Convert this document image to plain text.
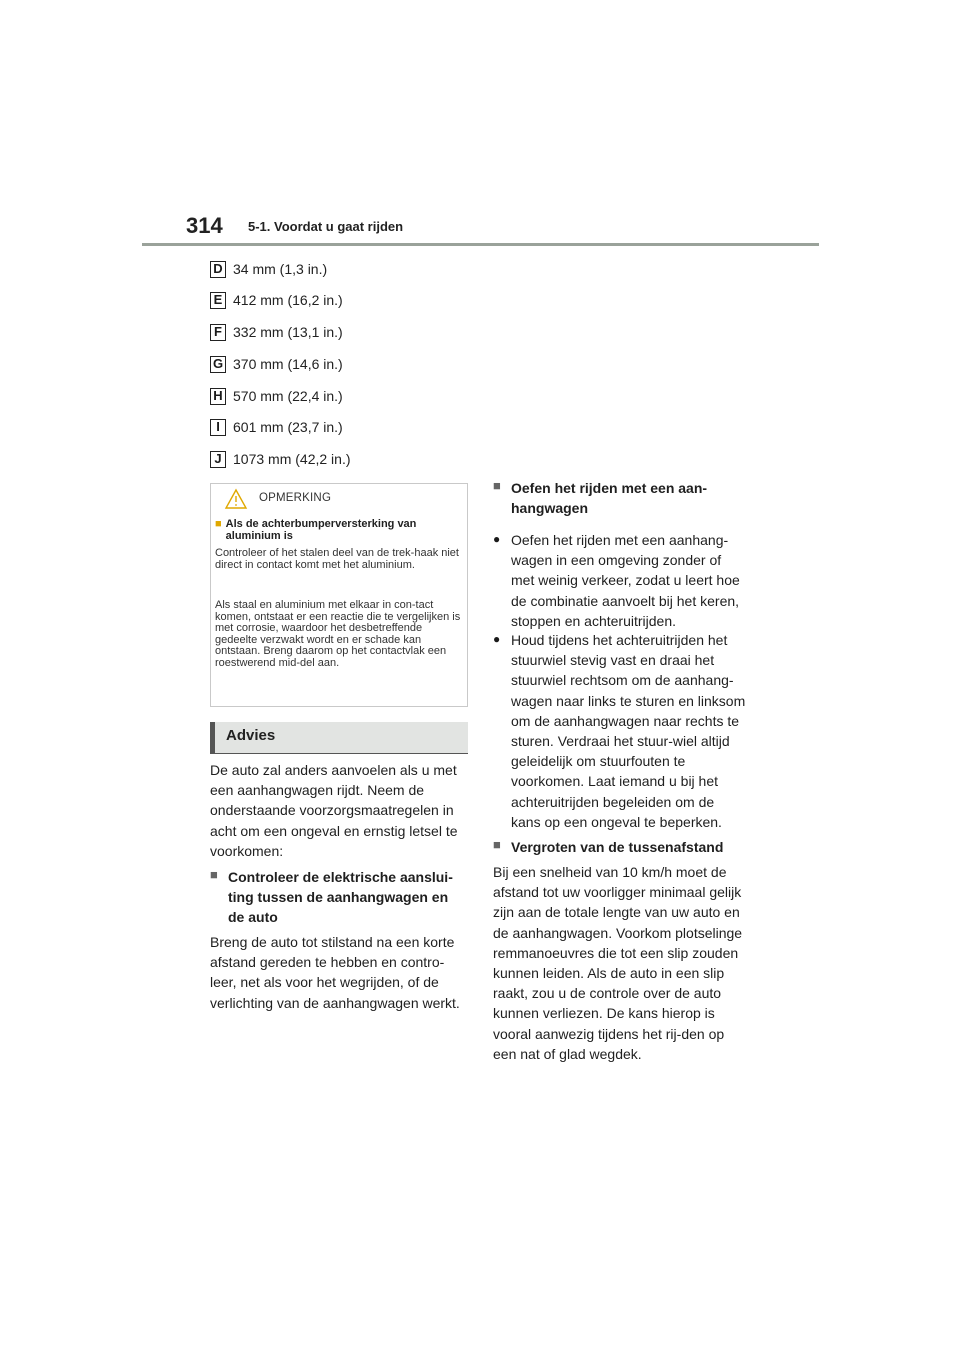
314 5-1. Voordat u gaat rijden
D 34 mm (1,3 in.)
E 412 mm (16,2 in.)
F 332 mm (13,1 in.)
G 370 mm (14,6 in.)
H 570 mm (22,4 in.)
I 601 mm (23,7 in.)
J 1073 mm (42,2 in.)
OPMERKING
■ Als de achterbumperversterking van aluminium is
Controleer of het stalen deel van de trek-haak niet direct in contact komt met het aluminium.
Als staal en aluminium met elkaar in con-tact komen, ontstaat er een reactie die te vergelijken is met corrosie, waardoor het desbetreffende gedeelte verzwakt wordt en er schade kan ontstaan. Breng daarom op het contactvlak een roestwerend mid-del aan.
Advies
De auto zal anders aanvoelen als u met een aanhangwagen rijdt. Neem de onderstaande voorzorgsmaatregelen in acht om een ongeval en ernstig letsel te voorkomen:
■ Controleer de elektrische aanslui-ting tussen de aanhangwagen en de auto
Breng de auto tot stilstand na een korte afstand gereden te hebben en contro-leer, net als voor het wegrijden, of de verlichting van de aanhangwagen werkt.
■ Oefen het rijden met een aan-hangwagen
● Oefen het rijden met een aanhang-wagen in een omgeving zonder of met weinig verkeer, zodat u leert hoe de combinatie aanvoelt bij het keren, stoppen en achteruitrijden.
● Houd tijdens het achteruitrijden het stuurwiel stevig vast en draai het stuurwiel rechtsom om de aanhang-wagen naar links te sturen en linksom om de aanhangwagen naar rechts te sturen. Verdraai het stuur-wiel altijd geleidelijk om stuurfouten te voorkomen. Laat iemand u bij het achteruitrijden begeleiden om de kans op een ongeval te beperken.
■ Vergroten van de tussenafstand
Bij een snelheid van 10 km/h moet de afstand tot uw voorligger minimaal gelijk zijn aan de totale lengte van uw auto en de aanhangwagen. Voorkom plotselinge remmanoeuvres die tot een slip zouden kunnen leiden. Als de auto in een slip raakt, zou u de controle over de auto kunnen verliezen. De kans hierop is vooral aanwezig tijdens het rij-den op een nat of glad wegdek.
